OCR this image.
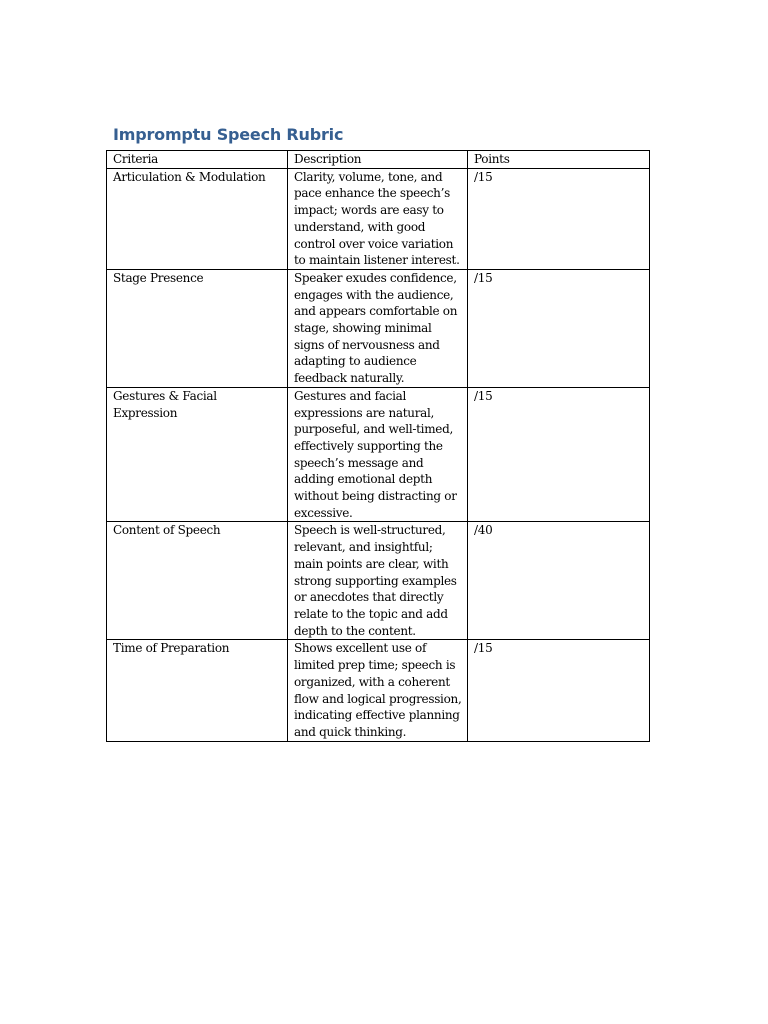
Impromptu Speech Rubric
Criteria	Description	Points
Articulation & Modulation	Clarity, volume, tone, and pace enhance the speech’s impact; words are easy to understand, with good control over voice variation to maintain listener interest.	/15
Stage Presence	Speaker exudes confidence, engages with the audience, and appears comfortable on stage, showing minimal signs of nervousness and adapting to audience feedback naturally.	/15
Gestures & Facial Expression	Gestures and facial expressions are natural, purposeful, and well-timed, effectively supporting the speech’s message and adding emotional depth without being distracting or excessive.	/15
Content of Speech	Speech is well-structured, relevant, and insightful; main points are clear, with strong supporting examples or anecdotes that directly relate to the topic and add depth to the content.	/40
Time of Preparation	Shows excellent use of limited prep time; speech is organized, with a coherent flow and logical progression, indicating effective planning and quick thinking.	/15
